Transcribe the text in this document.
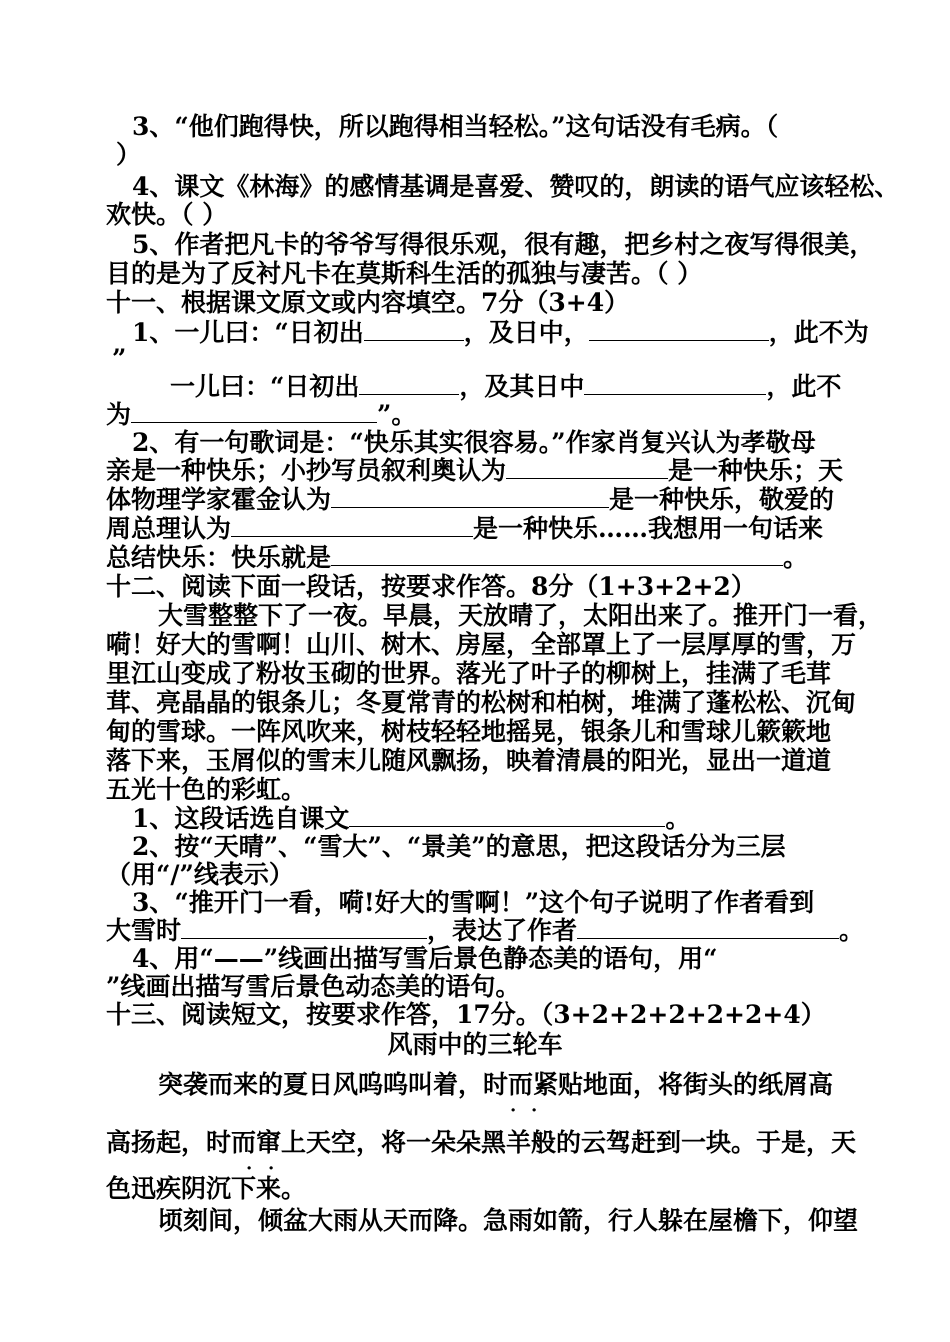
3、“他们跑得快，所以跑得相当轻松。”这句话没有毛病。（
）
4、课文《林海》的感情基调是喜爱、赞叹的，朗读的语气应该轻松、
欢快。（ ）
5、作者把凡卡的爷爷写得很乐观，很有趣，把乡村之夜写得很美，
目的是为了反衬凡卡在莫斯科生活的孤独与凄苦。（ ）
十一、根据课文原文或内容填空。7分（3+4）
1、一儿曰：“日初出	，及日中，	，此不为
”
一儿曰：“日初出	，及其日中	，此不
为	”。
2、有一句歌词是：“快乐其实很容易。”作家肖复兴认为孝敬母
亲是一种快乐；小抄写员叙利奥认为	是一种快乐；天
体物理学家霍金认为	是一种快乐，敬爱的
周总理认为	是一种快乐……我想用一句话来
总结快乐：快乐就是	。
十二、阅读下面一段话，按要求作答。8分（1+3+2+2）
大雪整整下了一夜。早晨，天放晴了，太阳出来了。推开门一看，
嗬！好大的雪啊！山川、树木、房屋，全部罩上了一层厚厚的雪，万
里江山变成了粉妆玉砌的世界。落光了叶子的柳树上，挂满了毛茸
茸、亮晶晶的银条儿；冬夏常青的松树和柏树，堆满了蓬松松、沉甸
甸的雪球。一阵风吹来，树枝轻轻地摇晃，银条儿和雪球儿簌簌地
落下来，玉屑似的雪末儿随风飘扬，映着清晨的阳光，显出一道道
五光十色的彩虹。
1、这段话选自课文	。
2、按“天晴”、“雪大”、“景美”的意思，把这段话分为三层
（用“/”线表示）
3、“推开门一看，嗬!好大的雪啊！”这个句子说明了作者看到
大雪时	，表达了作者	。
4、用“——”线画出描写雪后景色静态美的语句，用“
”线画出描写雪后景色动态美的语句。
十三、阅读短文，按要求作答，17分。（3+2+2+2+2+2+4）
风雨中的三轮车
突袭而来的夏日风呜呜叫着，时而紧贴地面，将街头的纸屑高
高扬起，时而窜上天空，将一朵朵黑羊般的云驾赶到一块。于是，天
色迅疾阴沉下来。
顷刻间，倾盆大雨从天而降。急雨如箭，行人躲在屋檐下，仰望
· ·
· ·
